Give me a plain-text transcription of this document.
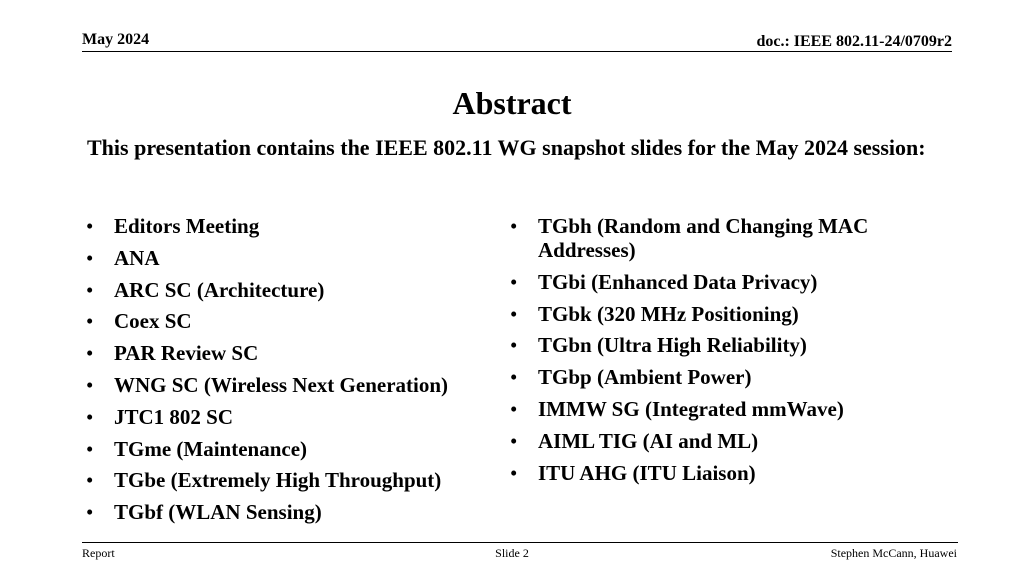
May 2024	doc.: IEEE 802.11-24/0709r2
Abstract
This presentation contains the IEEE 802.11 WG snapshot slides for the May 2024 session:
• Editors Meeting
• ANA
• ARC SC (Architecture)
• Coex SC
• PAR Review SC
• WNG SC (Wireless Next Generation)
• JTC1 802 SC
• TGme (Maintenance)
• TGbe (Extremely High Throughput)
• TGbf (WLAN Sensing)
• TGbh (Random and Changing MAC Addresses)
• TGbi (Enhanced Data Privacy)
• TGbk (320 MHz Positioning)
• TGbn (Ultra High Reliability)
• TGbp (Ambient Power)
• IMMW SG (Integrated mmWave)
• AIML TIG (AI and ML)
• ITU AHG (ITU Liaison)
Report	Slide 2	Stephen McCann, Huawei
